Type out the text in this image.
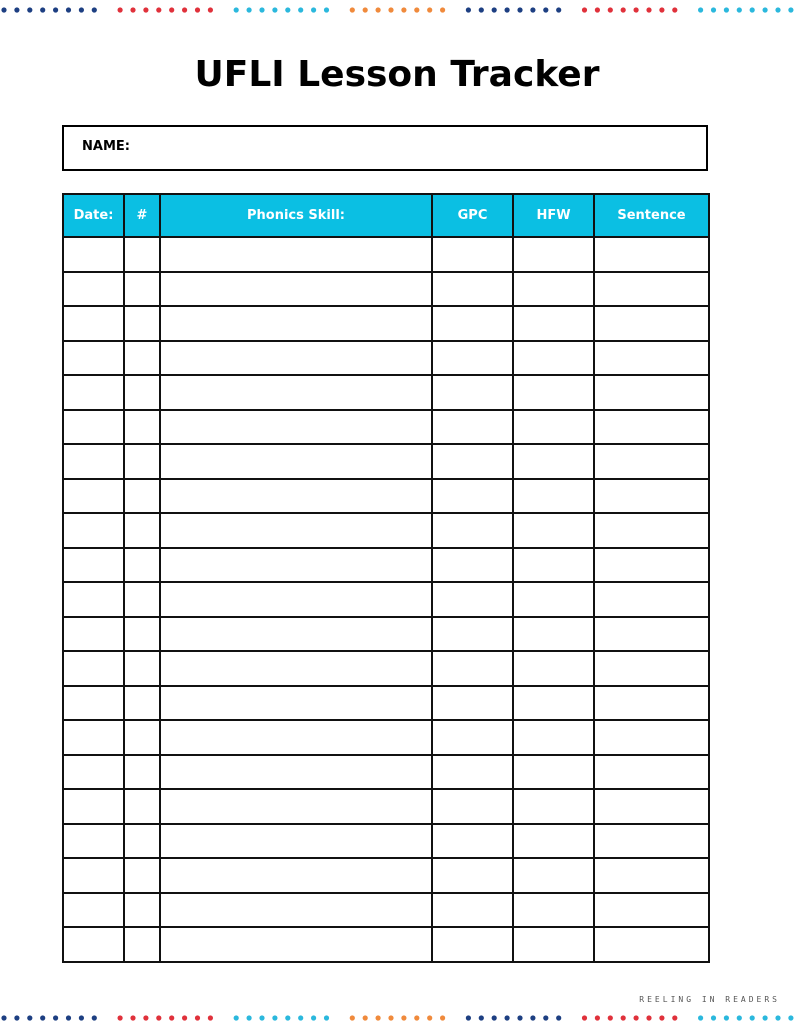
UFLI Lesson Tracker
NAME:
Date:	#	Phonics Skill:	GPC	HFW	Sentence

REELING IN READERS
